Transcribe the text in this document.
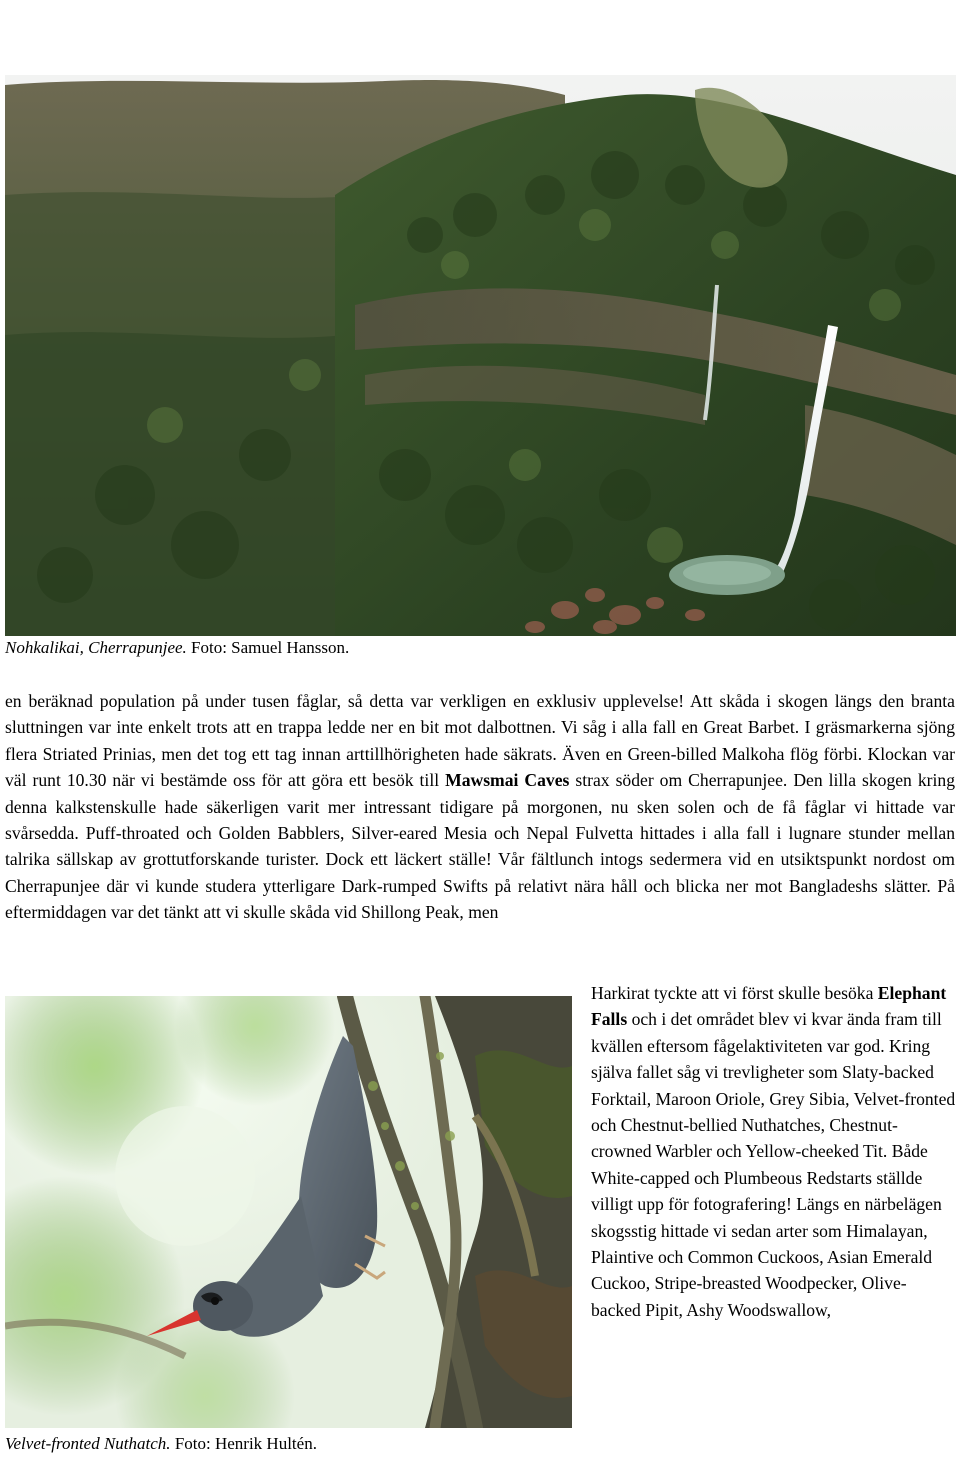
Nohkalikai, Cherrapunjee. Foto: Samuel Hansson.
en beräknad population på under tusen fåglar, så detta var verkligen en exklusiv upplevelse! Att skåda i skogen längs den branta sluttningen var inte enkelt trots att en trappa ledde ner en bit mot dalbottnen. Vi såg i alla fall en Great Barbet. I gräsmarkerna sjöng flera Striated Prinias, men det tog ett tag innan arttillhörigheten hade säkrats. Även en Green-billed Malkoha flög förbi. Klockan var väl runt 10.30 när vi bestämde oss för att göra ett besök till Mawsmai Caves strax söder om Cherrapunjee. Den lilla skogen kring denna kalkstenskulle hade säkerligen varit mer intressant tidigare på morgonen, nu sken solen och de få fåglar vi hittade var svårsedda. Puff-throated och Golden Babblers, Silver-eared Mesia och Nepal Fulvetta hittades i alla fall i lugnare stunder mellan talrika sällskap av grottutforskande turister. Dock ett läckert ställe! Vår fältlunch intogs sedermera vid en utsiktspunkt nordost om Cherrapunjee där vi kunde studera ytterligare Dark-rumped Swifts på relativt nära håll och blicka ner mot Bangladeshs slätter. På eftermiddagen var det tänkt att vi skulle skåda vid Shillong Peak, men
Velvet-fronted Nuthatch. Foto: Henrik Hultén.
Harkirat tyckte att vi först skulle besöka Elephant Falls och i det området blev vi kvar ända fram till kvällen eftersom fågelaktiviteten var god. Kring själva fallet såg vi trevligheter som Slaty-backed Forktail, Maroon Oriole, Grey Sibia, Velvet-fronted och Chestnut-bellied Nuthatches, Chestnut-crowned Warbler och Yellow-cheeked Tit. Både White-capped och Plumbeous Redstarts ställde villigt upp för fotografering! Längs en närbelägen skogsstig hittade vi sedan arter som Himalayan, Plaintive och Common Cuckoos, Asian Emerald Cuckoo, Stripe-breasted Woodpecker, Olive-backed Pipit, Ashy Woodswallow,
